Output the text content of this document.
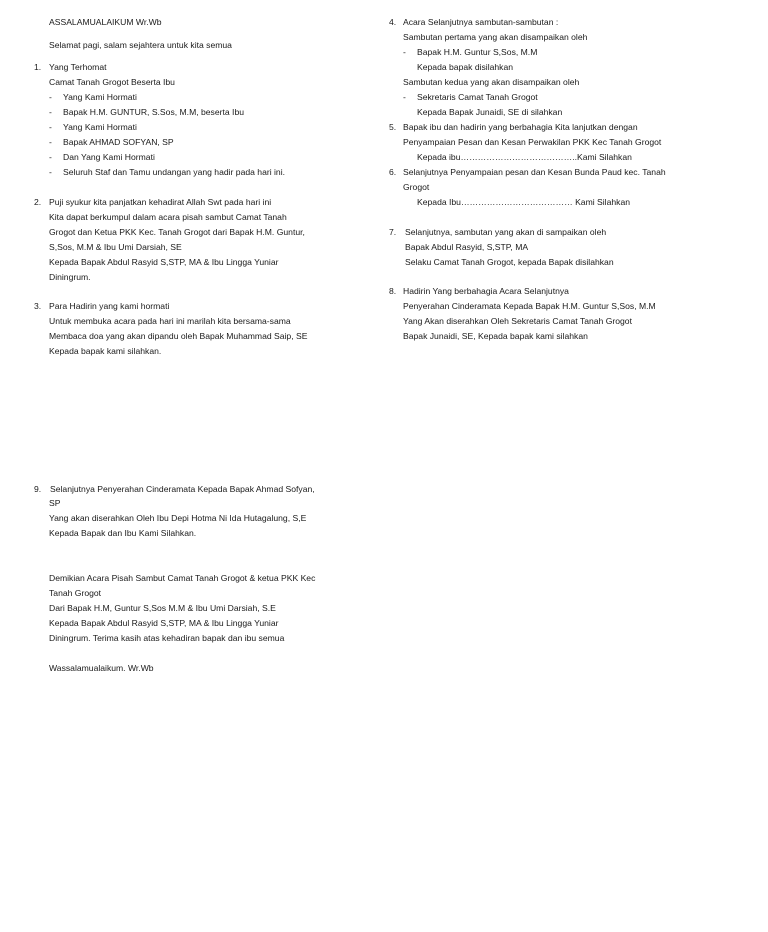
ASSALAMUALAIKUM Wr.Wb
Selamat pagi, salam sejahtera untuk kita semua
1. Yang Terhomat
Camat Tanah Grogot Beserta Ibu
- Yang Kami Hormati
- Bapak H.M. GUNTUR, S.Sos, M.M, beserta Ibu
- Yang Kami Hormati
- Bapak AHMAD SOFYAN, SP
- Dan Yang Kami Hormati
- Seluruh Staf dan Tamu undangan yang hadir pada hari ini.
2. Puji syukur kita panjatkan kehadirat Allah Swt pada hari ini
Kita dapat berkumpul dalam acara pisah sambut Camat Tanah
Grogot dan Ketua PKK Kec. Tanah Grogot dari Bapak H.M. Guntur,
S,Sos, M.M & Ibu Umi Darsiah, SE
Kepada Bapak Abdul Rasyid S,STP, MA & Ibu Lingga Yuniar
Diningrum.
3. Para Hadirin yang kami hormati
Untuk membuka acara pada hari ini marilah kita bersama-sama
Membaca doa yang akan dipandu oleh Bapak Muhammad Saip, SE
Kepada bapak kami silahkan.
9. Selanjutnya Penyerahan Cinderamata Kepada Bapak Ahmad Sofyan,
SP
Yang akan diserahkan Oleh Ibu Depi Hotma Ni Ida Hutagalung, S,E
Kepada Bapak dan Ibu Kami Silahkan.
Demikian Acara Pisah Sambut Camat Tanah Grogot & ketua PKK Kec
Tanah Grogot
Dari Bapak H.M, Guntur S,Sos M.M & Ibu Umi Darsiah, S.E
Kepada Bapak Abdul Rasyid S,STP, MA & Ibu Lingga Yuniar
Diningrum. Terima kasih atas kehadiran bapak dan ibu semua
Wassalamualaikum. Wr.Wb
4. Acara Selanjutnya sambutan-sambutan :
Sambutan pertama yang akan disampaikan oleh
- Bapak H.M. Guntur S,Sos, M.M
Kepada bapak disilahkan
Sambutan kedua yang akan disampaikan oleh
- Sekretaris Camat Tanah Grogot
Kepada Bapak Junaidi, SE di silahkan
5. Bapak ibu dan hadirin yang berbahagia Kita lanjutkan dengan
Penyampaian Pesan dan Kesan Perwakilan PKK Kec Tanah Grogot
Kepada ibu…………………………………..Kami Silahkan
6. Selanjutnya Penyampaian pesan dan Kesan Bunda Paud kec. Tanah
Grogot
Kepada Ibu………………………………… Kami Silahkan
7. Selanjutnya, sambutan yang akan di sampaikan oleh
Bapak Abdul Rasyid, S,STP, MA
Selaku Camat Tanah Grogot, kepada Bapak disilahkan
8. Hadirin Yang berbahagia Acara Selanjutnya
Penyerahan Cinderamata Kepada Bapak H.M. Guntur S,Sos, M.M
Yang Akan diserahkan Oleh Sekretaris Camat Tanah Grogot
Bapak Junaidi, SE, Kepada bapak kami silahkan
